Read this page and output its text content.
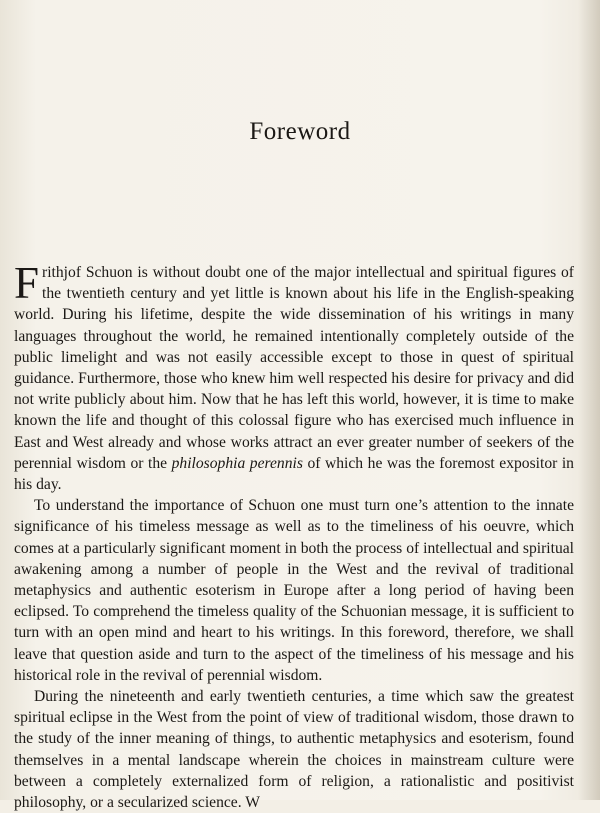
Foreword

Frithjof Schuon is without doubt one of the major intellectual and spiritual figures of the twentieth century and yet little is known about his life in the English-speaking world. During his lifetime, despite the wide dissemination of his writings in many languages throughout the world, he remained intentionally completely outside of the public limelight and was not easily accessible except to those in quest of spiritual guidance. Furthermore, those who knew him well respected his desire for privacy and did not write publicly about him. Now that he has left this world, however, it is time to make known the life and thought of this colossal figure who has exercised much influence in East and West already and whose works attract an ever greater number of seekers of the perennial wisdom or the philosophia perennis of which he was the foremost expositor in his day.

To understand the importance of Schuon one must turn one’s attention to the innate significance of his timeless message as well as to the timeliness of his oeuvre, which comes at a particularly significant moment in both the process of intellectual and spiritual awakening among a number of people in the West and the revival of traditional metaphysics and authentic esoterism in Europe after a long period of having been eclipsed. To comprehend the timeless quality of the Schuonian message, it is sufficient to turn with an open mind and heart to his writings. In this foreword, therefore, we shall leave that question aside and turn to the aspect of the timeliness of his message and his historical role in the revival of perennial wisdom.

During the nineteenth and early twentieth centuries, a time which saw the greatest spiritual eclipse in the West from the point of view of traditional wisdom, those drawn to the study of the inner meaning of things, to authentic metaphysics and esoterism, found themselves in a mental landscape wherein the choices in mainstream culture were between a completely externalized form of religion, a rationalistic and positivist philosophy, or a secularized science. W
